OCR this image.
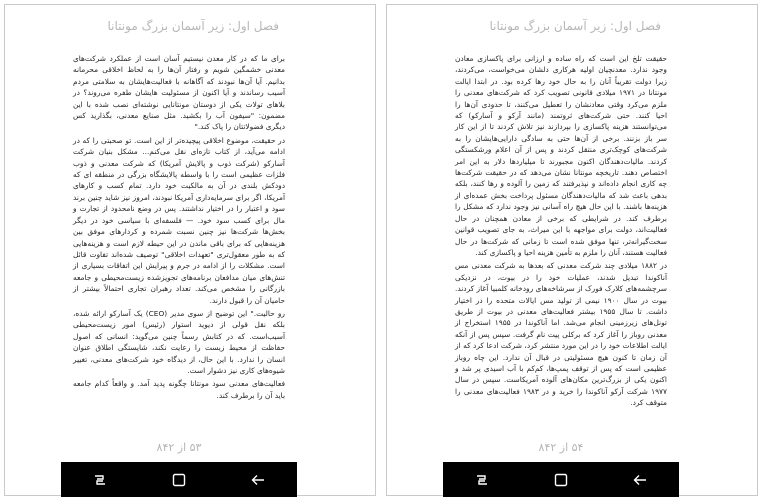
فصل اول: زیر آسمان بزرگ مونتانا

برای ما که در کار معدن نیستیم آسان است از عملکرد شرکت‌های معدنی خشمگین شویم و رفتار آن‌ها را به لحاظ اخلاقی محرمانه بدانیم. آیا آن‌ها نبودند که آگاهانه با فعالیت‌هایشان به سلامتی مردم آسیب رساندند و آیا اکنون از مسئولیت هایشان طفره می‌روند؟ در بلاهای تولات یکی از دوستان مونتانایی نوشته‌ای نصب شده با این مضمون: "سیفون آب را بکشید. مثل صنایع معدنی، بگذارید کس دیگری فضولاتتان را پاک کند."

در حقیقت، موضوع اخلاقی پیچیده‌تر از این است. تو صحبتی را که در ادامه می‌آید، از کتاب تازه‌ای نقل می‌کنم... مشکل بنیان شرکت آسارکو (شرکت ذوب و پالایش آمریکا) که شرکت معدنی و ذوب فلزات عظیمی است را با واسطه پالایشگاه بزرگی در منطقه ای که دودکش بلندی در آن به مالکیت خود دارد. تمام کسب و کارهای آمریکا، اگر برای سرمایه‌داری آمریکا نبودند، امروز نیز شاید چنین برند سود و اعتبار را در اختیار نداشتند. پس در وضع نامحدود از تجارت و مال برای کسب سود خود. — فلسفه‌ای با سیاسی خود در دیگر بخش‌ها شرکت‌ها نیز چنین نسبت شمرده و کردارهای موفق بین هزینه‌هایی که برای باقی ماندن در این حیطه لازم است و هزینه‌هایی که به طور معقول‌تری "تعهدات اخلاقی" توصیف شده‌اند تفاوت قائل است. مشکلات را از ادامه در جرم و پیرایش این اتفاقات بسیاری از تنش‌های میان مدافعان برنامه‌های تجویزشده زیست‌محیطی و جامعه بازرگانی را مشخص می‌کند. تعداد رهبران تجاری احتمالاً بیشتر از حامیان آن را قبول دارند.

رو حالیت." این توضیح از سوی مدیر (CEO) یک آسارکو ارائه شده، بلکه نقل قولی از دیوید استوار (رئیس) امور زیست‌محیطی آسیب‌است. که در کتابش رسماً چنین می‌گوید: انسانی که اصول حفاظت از محیط زیست را رعایت نکند، شایستگی اطلاق عنوان انسان را ندارد. با این حال، از دیدگاه خود شرکت‌های معدنی، تغییر شیوه‌های کاری نیز دشوار است.

فعالیت‌های معدنی سود مونتانا چگونه پدید آمد. و واقعاً کدام جامعه باید آن را برطرف کند.

۵۳ از ۸۴۲
فصل اول: زیر آسمان بزرگ مونتانا

حقیقت تلخ این است که راه ساده و ارزانی برای پاکسازی معادن وجود ندارد. معدنچیان اولیه هرکاری دلشان می‌خواست، می‌کردند، زیرا دولت تقریباً آنان را به حال خود رها کرده بود. در ابتدا ایالت مونتانا در ۱۹۷۱ میلادی قانونی تصویب کرد که شرکت‌های معدنی را ملزم می‌کرد وقتی معادنشان را تعطیل می‌کنند، تا حدودی آن‌ها را احیا کنند. حتی شرکت‌های ثروتمند (مانند آرکو و آسارکو) که می‌توانستند هزینه پاکسازی را بپردازند نیز تلاش کردند تا از این کار سر باز بزنند. برخی از آن‌ها حتی به سادگی دارایی‌هایشان را به شرکت‌های کوچک‌تری منتقل کردند و پس از آن اعلام ورشکستگی کردند. مالیات‌دهندگان اکنون مجبورند تا میلیاردها دلار به این امر اختصاص دهند. تاریخچه مونتانا نشان می‌دهد که در حقیقت شرکت‌ها چه کاری انجام داده‌اند و نپذیرفتند که زمین را آلوده و رها کنند، بلکه بدهی باعث شد که مالیات‌دهندگان مسئول پرداخت بخش عمده‌ای از هزینه‌ها باشند. با این حال هیچ راه آسانی نیز وجود ندارد که مشکل را برطرف کند. در شرایطی که برخی از معادن همچنان در حال فعالیت‌اند، دولت برای مواجهه با این میراث، به جای تصویب قوانین سخت‌گیرانه‌تر، تنها موفق شده است تا زمانی که شرکت‌ها در حال فعالیت هستند، آنان را ملزم به تأمین هزینه احیا و پاکسازی کند.

در ۱۸۸۲ میلادی چند شرکت معدنی که بعدها به شرکت معدنی مس آناکوندا تبدیل شدند، عملیات خود را در بیوت، در نزدیکی سرچشمه‌های کلارک فورک از سرشاخه‌های رودخانه کلمبیا آغاز کردند. بیوت در سال ۱۹۰۰ نیمی از تولید مس ایالات متحده را در اختیار داشت. تا سال ۱۹۵۵ بیشتر فعالیت‌های معدنی در بیوت از طریق تونل‌های زیرزمینی انجام می‌شد. اما آناکوندا در ۱۹۵۵ استخراج از معدنی روباز را آغاز کرد که برکلی پیت نام گرفت. سپس پس از آنکه ایالت اطلاعات خود را در این مورد منتشر کرد، شرکت ادعا کرد که از آن زمان تا کنون هیچ مسئولیتی در قبال آن ندارد. این چاه روباز عظیمی است که پس از توقف پمپ‌ها، کم‌کم با آب اسیدی پر شد و اکنون یکی از بزرگ‌ترین مکان‌های آلوده آمریکاست. سپس در سال ۱۹۷۷ شرکت آرکو آناکوندا را خرید و در ۱۹۸۳ فعالیت‌های معدنی را متوقف کرد.

۵۴ از ۸۴۲
